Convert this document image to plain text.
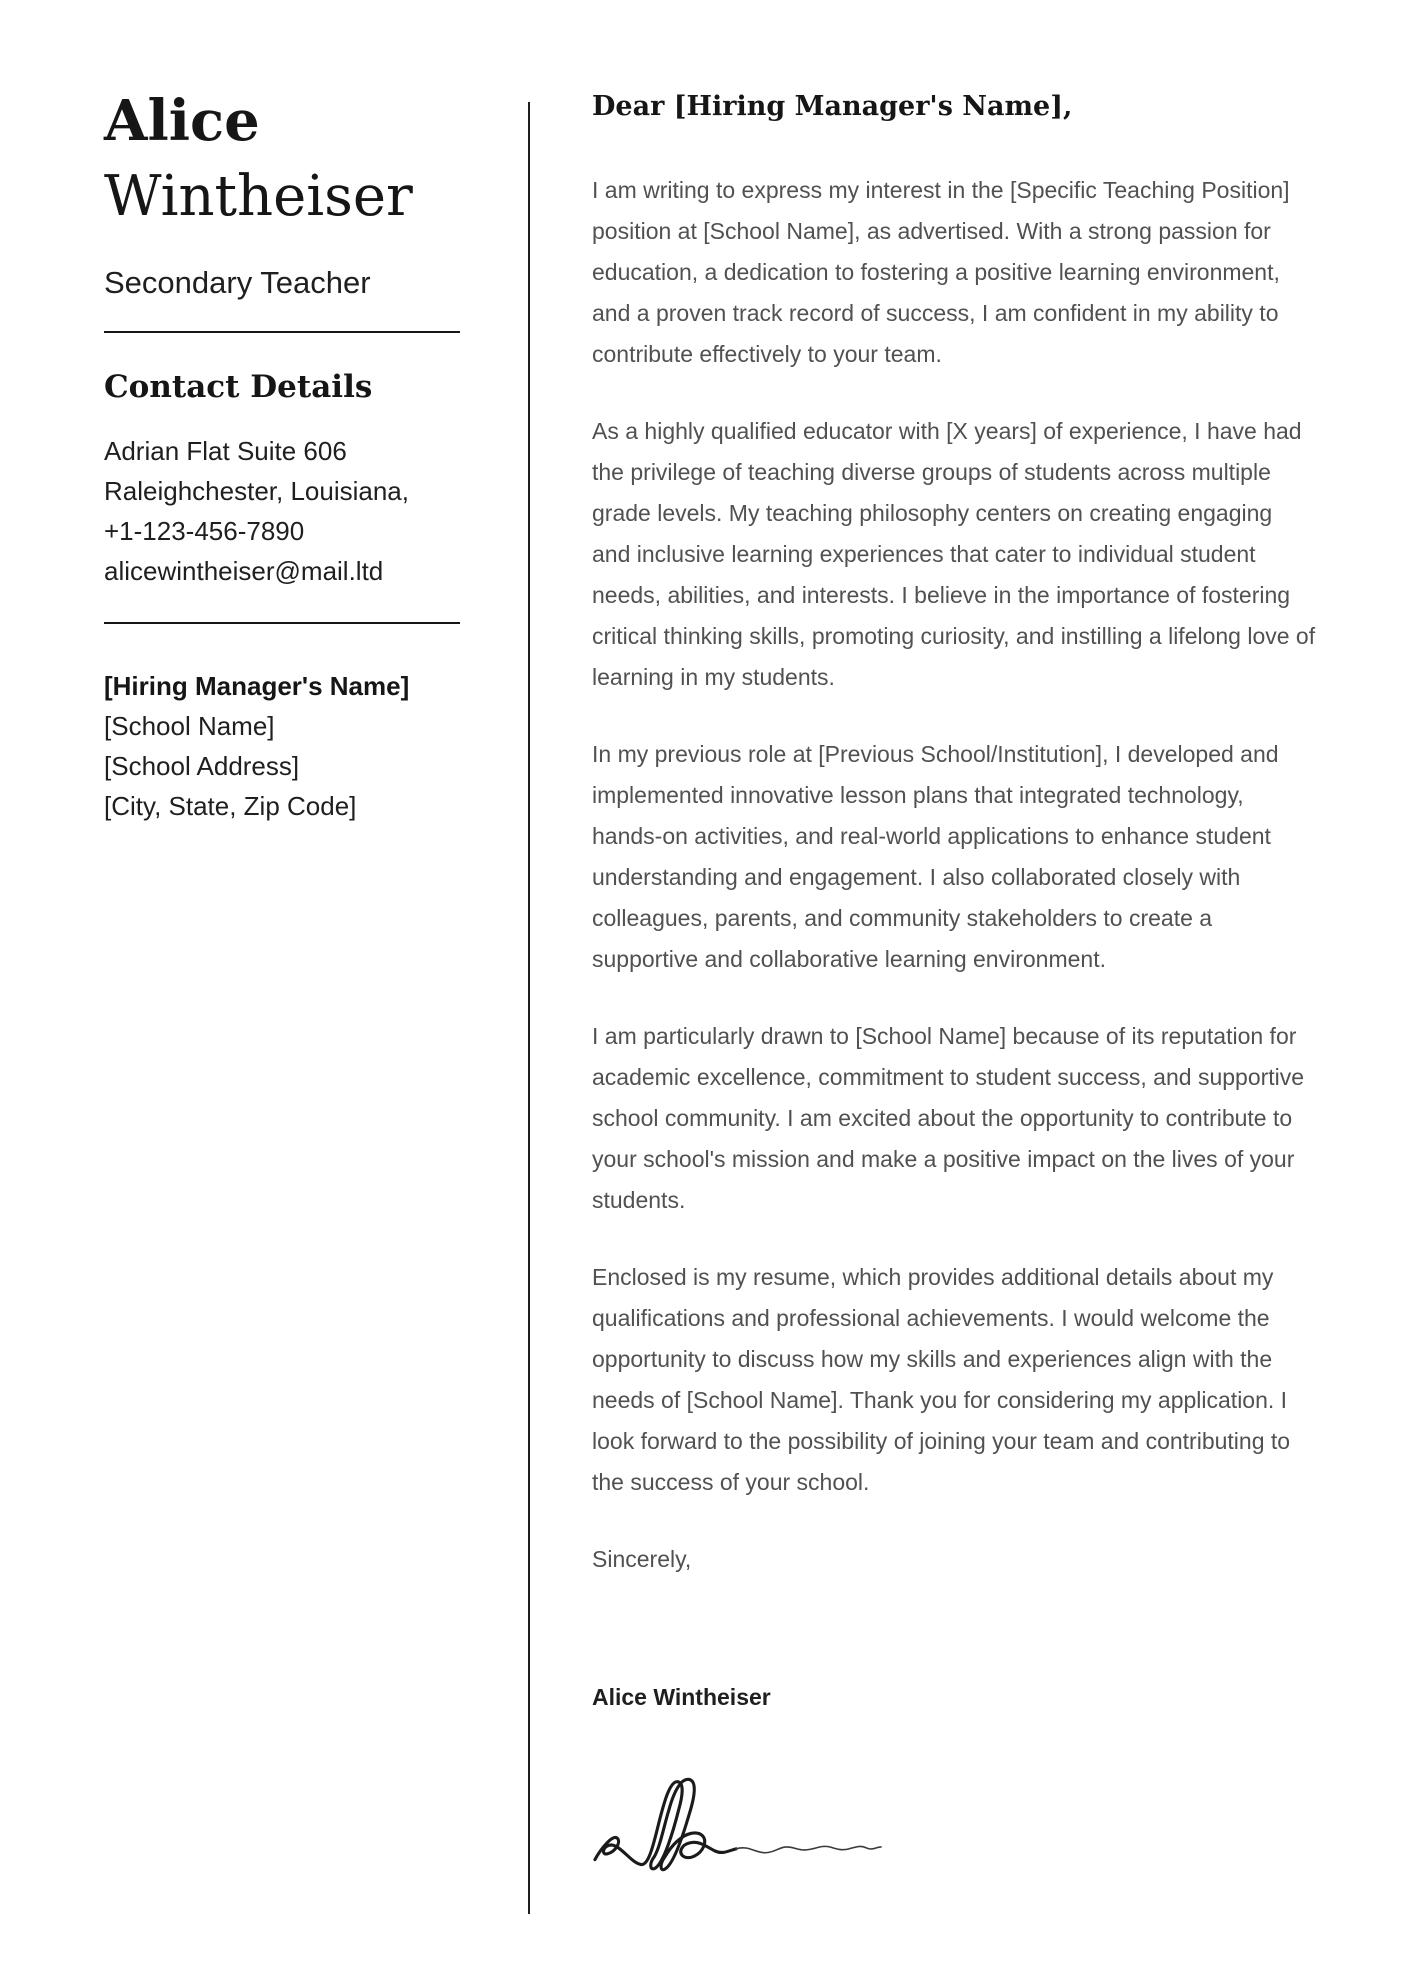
Alice
Wintheiser
Secondary Teacher
Contact Details
Adrian Flat Suite 606
Raleighchester, Louisiana,
+1-123-456-7890
alicewintheiser@mail.ltd
[Hiring Manager's Name]
[School Name]
[School Address]
[City, State, Zip Code]
Dear [Hiring Manager's Name],

I am writing to express my interest in the [Specific Teaching Position] position at [School Name], as advertised. With a strong passion for education, a dedication to fostering a positive learning environment, and a proven track record of success, I am confident in my ability to contribute effectively to your team.

As a highly qualified educator with [X years] of experience, I have had the privilege of teaching diverse groups of students across multiple grade levels. My teaching philosophy centers on creating engaging and inclusive learning experiences that cater to individual student needs, abilities, and interests. I believe in the importance of fostering critical thinking skills, promoting curiosity, and instilling a lifelong love of learning in my students.

In my previous role at [Previous School/Institution], I developed and implemented innovative lesson plans that integrated technology, hands-on activities, and real-world applications to enhance student understanding and engagement. I also collaborated closely with colleagues, parents, and community stakeholders to create a supportive and collaborative learning environment.

I am particularly drawn to [School Name] because of its reputation for academic excellence, commitment to student success, and supportive school community. I am excited about the opportunity to contribute to your school's mission and make a positive impact on the lives of your students.

Enclosed is my resume, which provides additional details about my qualifications and professional achievements. I would welcome the opportunity to discuss how my skills and experiences align with the needs of [School Name]. Thank you for considering my application. I look forward to the possibility of joining your team and contributing to the success of your school.

Sincerely,
Alice Wintheiser
